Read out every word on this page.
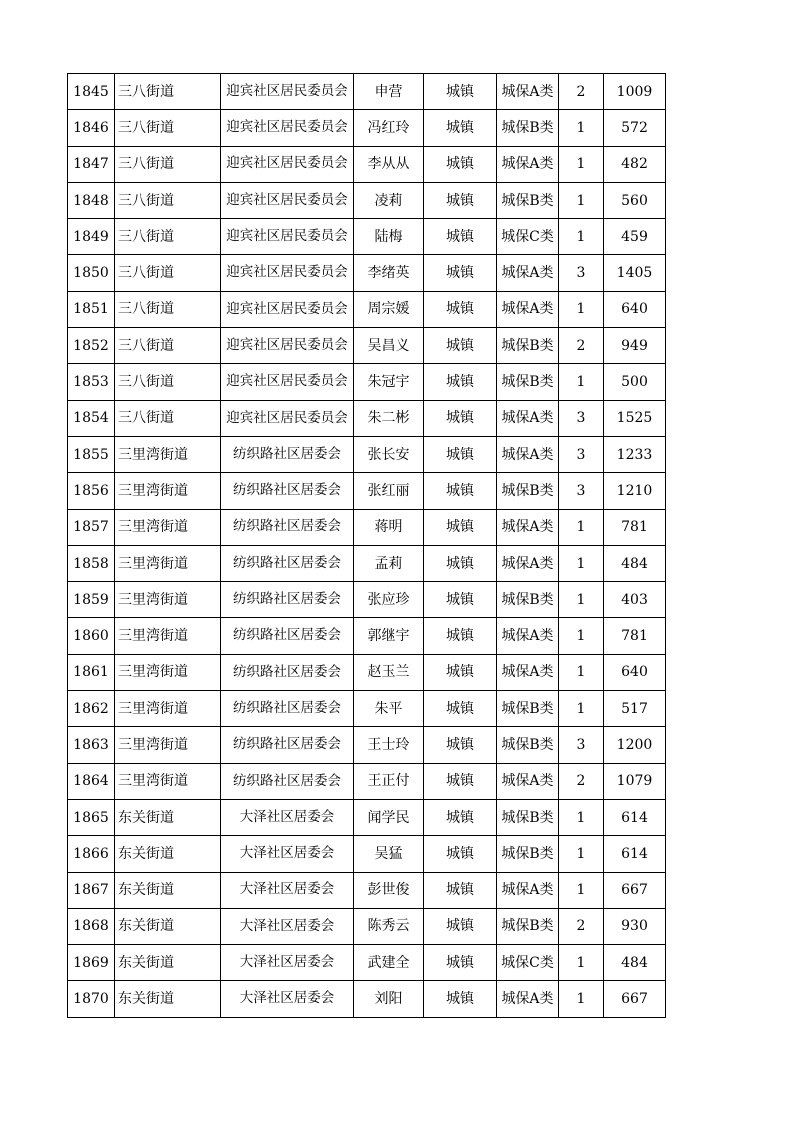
1845	三八街道	迎宾社区居民委员会	申营	城镇	城保A类	2	1009
1846	三八街道	迎宾社区居民委员会	冯红玲	城镇	城保B类	1	572
1847	三八街道	迎宾社区居民委员会	李从从	城镇	城保A类	1	482
1848	三八街道	迎宾社区居民委员会	凌莉	城镇	城保B类	1	560
1849	三八街道	迎宾社区居民委员会	陆梅	城镇	城保C类	1	459
1850	三八街道	迎宾社区居民委员会	李绪英	城镇	城保A类	3	1405
1851	三八街道	迎宾社区居民委员会	周宗媛	城镇	城保A类	1	640
1852	三八街道	迎宾社区居民委员会	吴昌义	城镇	城保B类	2	949
1853	三八街道	迎宾社区居民委员会	朱冠宇	城镇	城保B类	1	500
1854	三八街道	迎宾社区居民委员会	朱二彬	城镇	城保A类	3	1525
1855	三里湾街道	纺织路社区居委会	张长安	城镇	城保A类	3	1233
1856	三里湾街道	纺织路社区居委会	张红丽	城镇	城保B类	3	1210
1857	三里湾街道	纺织路社区居委会	蒋明	城镇	城保A类	1	781
1858	三里湾街道	纺织路社区居委会	孟莉	城镇	城保A类	1	484
1859	三里湾街道	纺织路社区居委会	张应珍	城镇	城保B类	1	403
1860	三里湾街道	纺织路社区居委会	郭继宇	城镇	城保A类	1	781
1861	三里湾街道	纺织路社区居委会	赵玉兰	城镇	城保A类	1	640
1862	三里湾街道	纺织路社区居委会	朱平	城镇	城保B类	1	517
1863	三里湾街道	纺织路社区居委会	王士玲	城镇	城保B类	3	1200
1864	三里湾街道	纺织路社区居委会	王正付	城镇	城保A类	2	1079
1865	东关街道	大泽社区居委会	闻学民	城镇	城保B类	1	614
1866	东关街道	大泽社区居委会	吴猛	城镇	城保B类	1	614
1867	东关街道	大泽社区居委会	彭世俊	城镇	城保A类	1	667
1868	东关街道	大泽社区居委会	陈秀云	城镇	城保B类	2	930
1869	东关街道	大泽社区居委会	武建全	城镇	城保C类	1	484
1870	东关街道	大泽社区居委会	刘阳	城镇	城保A类	1	667
